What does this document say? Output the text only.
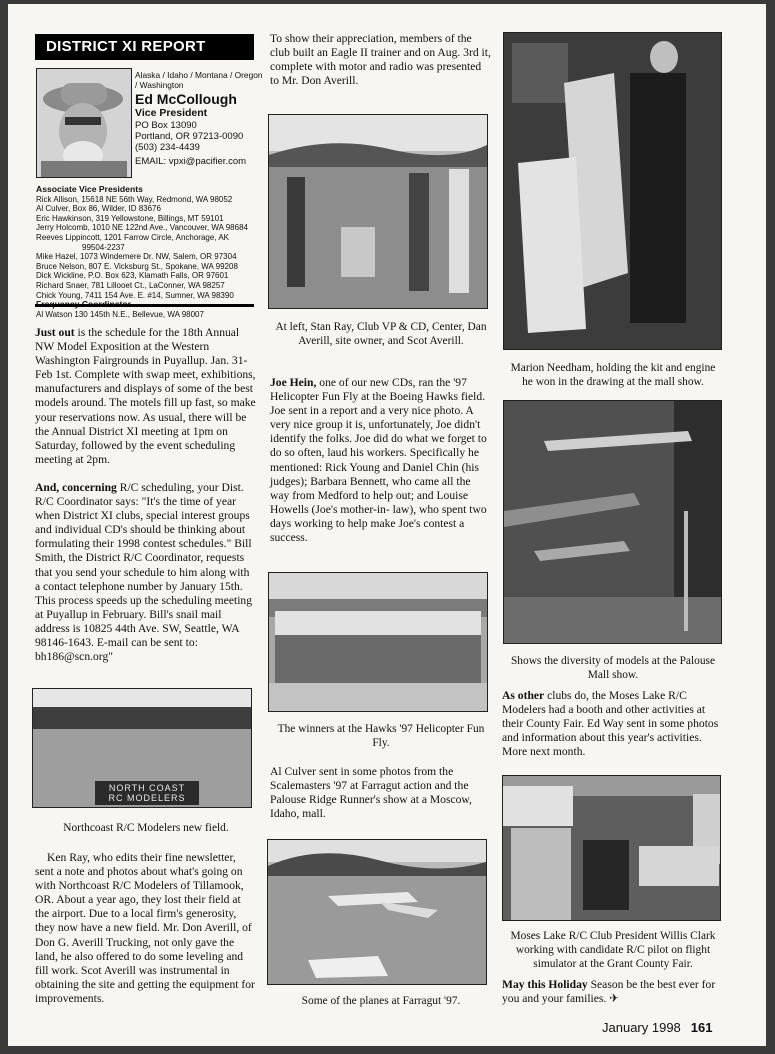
DISTRICT XI REPORT
Alaska / Idaho / Montana / Oregon / Washington
Ed McCollough
Vice President
PO Box 13090
Portland, OR 97213-0090
(503) 234-4439
EMAIL: vpxi@pacifier.com
Associate Vice Presidents
Rick Allison, 15618 NE 56th Way, Redmond, WA 98052
Al Culver, Box 86, Wilder, ID 83676
Eric Hawkinson, 319 Yellowstone, Billings, MT 59101
Jerry Holcomb, 1010 NE 122nd Ave., Vancouver, WA 98684
Reeves Lippincott, 1201 Farrow Circle, Anchorage, AK
99504-2237
Mike Hazel, 1073 Windemere Dr. NW, Salem, OR 97304
Bruce Nelson, 807 E. Vicksburg St., Spokane, WA 99208
Dick Wickline, P.O. Box 623, Klamath Falls, OR 97601
Richard Snaer, 781 Lillooet Ct., LaConner, WA 98257
Chick Young, 7411 154 Ave. E. #14, Sumner, WA 98390
Al Watson 130 145th N.E., Bellevue, WA 98007

Just out is the schedule for the 18th Annual NW Model Exposition at the Western Washington Fairgrounds in Puyallup. Jan. 31-Feb 1st. Complete with swap meet, exhibitions, manufacturers and displays of some of the best models around. The motels fill up fast, so make your reservations now. As usual, there will be the Annual District XI meeting at 1pm on Saturday, followed by the event scheduling meeting at 2pm.

And, concerning R/C scheduling, your Dist. R/C Coordinator says: "It's the time of year when District XI clubs, special interest groups and individual CD's should be thinking about formulating their 1998 contest schedules." Bill Smith, the District R/C Coordinator, requests that you send your schedule to him along with a contact telephone number by January 15th. This process speeds up the scheduling meeting at Puyallup in February. Bill's snail mail address is 10825 44th Ave. SW, Seattle, WA 98146-1643. E-mail can be sent to: bh186@scn.org"

NORTH COAST
RC MODELERS
Northcoast R/C Modelers new field.

Ken Ray, who edits their fine newsletter, sent a note and photos about what's going on with Northcoast R/C Modelers of Tillamook, OR. About a year ago, they lost their field at the airport. Due to a local firm's generosity, they now have a new field. Mr. Don Averill, of Don G. Averill Trucking, not only gave the land, he also offered to do some leveling and fill work. Scot Averill was instrumental in obtaining the site and getting the equipment for improvements.

To show their appreciation, members of the club built an Eagle II trainer and on Aug. 3rd it, complete with motor and radio was presented to Mr. Don Averill.

At left, Stan Ray, Club VP & CD, Center, Dan Averill, site owner, and Scot Averill.

Joe Hein, one of our new CDs, ran the '97 Helicopter Fun Fly at the Boeing Hawks field. Joe sent in a report and a very nice photo. A very nice group it is, unfortunately, Joe didn't identify the folks. Joe did do what we forget to do so often, laud his workers. Specifically he mentioned: Rick Young and Daniel Chin (his judges); Barbara Bennett, who came all the way from Medford to help out; and Louise Howells (Joe's mother-in- law), who spent two days working to help make Joe's contest a success.

The winners at the Hawks '97 Helicopter Fun Fly.

Al Culver sent in some photos from the Scalemasters '97 at Farragut action and the Palouse Ridge Runner's show at a Moscow, Idaho, mall.

Some of the planes at Farragut '97.
Marion Needham, holding the kit and engine he won in the drawing at the mall show.
Shows the diversity of models at the Palouse Mall show.

As other clubs do, the Moses Lake R/C Modelers had a booth and other activities at their County Fair. Ed Way sent in some photos and information about this year's activities. More next month.

Moses Lake R/C Club President Willis Clark working with candidate R/C pilot on flight simulator at the Grant County Fair.

May this Holiday Season be the best ever for you and your families. ✈

January 1998 161
